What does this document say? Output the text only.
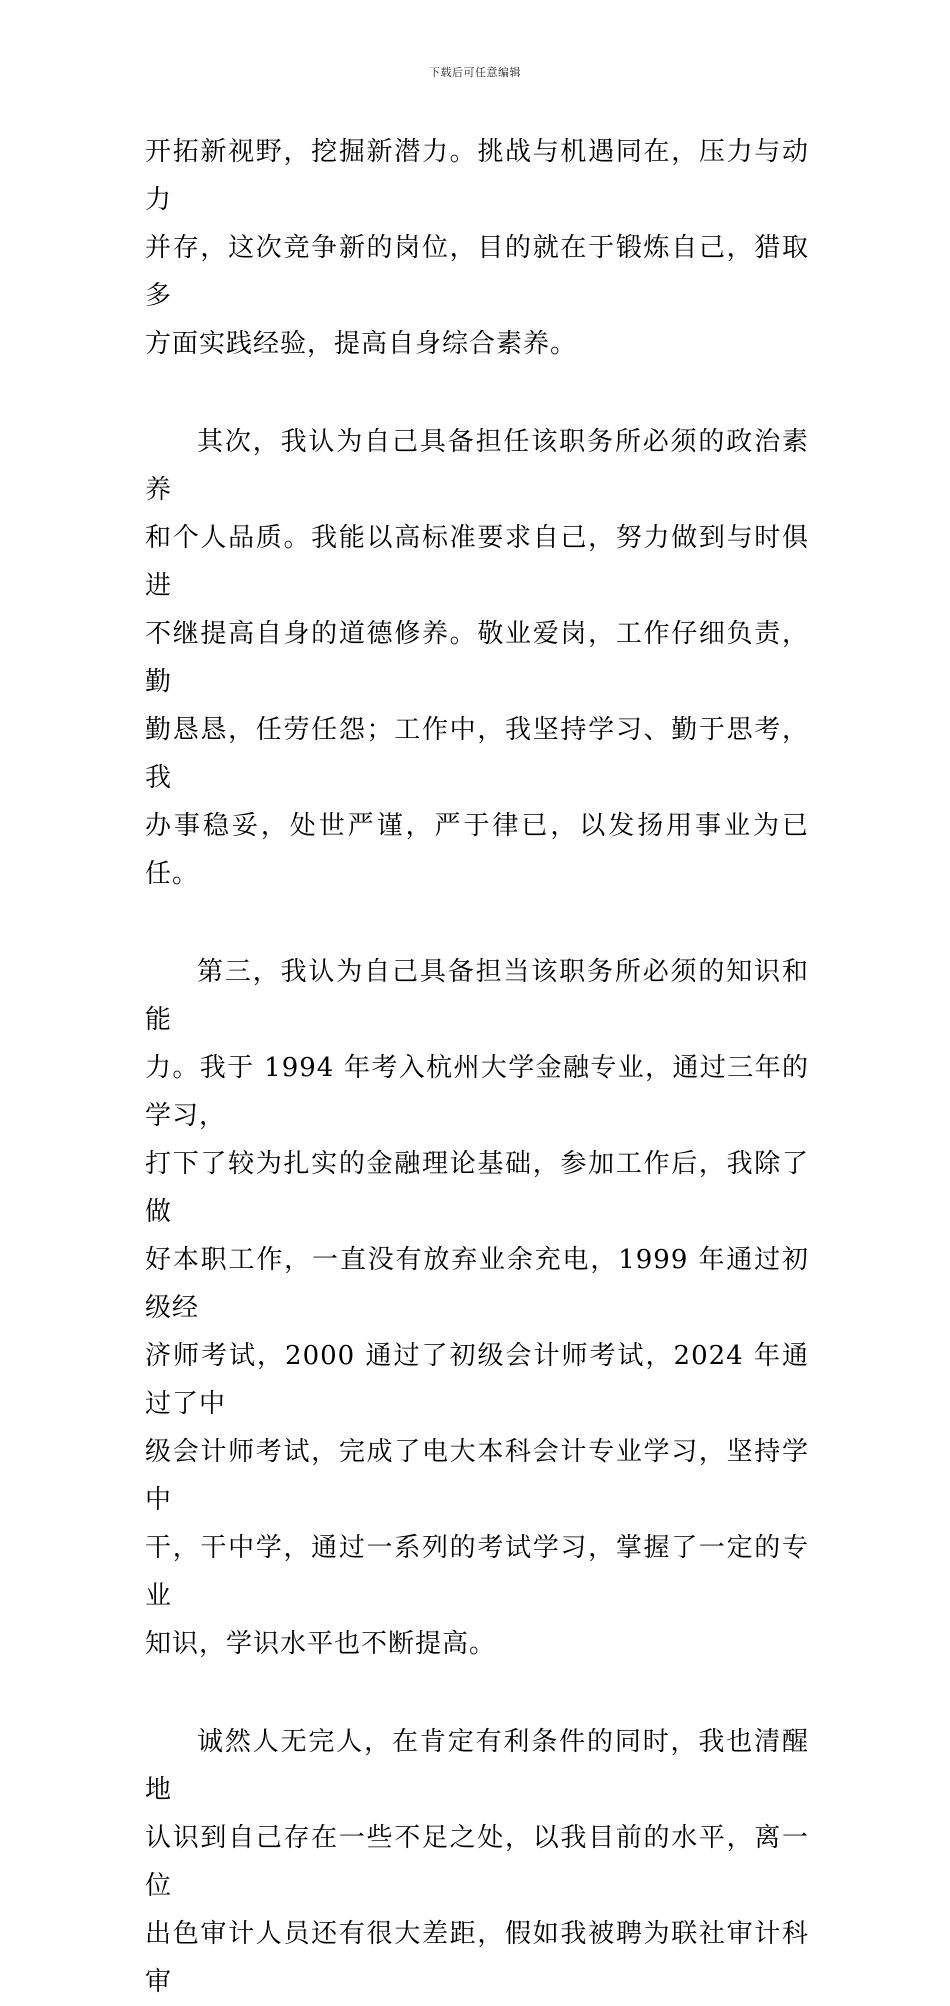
下载后可任意编辑

开拓新视野，挖掘新潜力。挑战与机遇同在，压力与动力
并存，这次竞争新的岗位，目的就在于锻炼自己，猎取多
方面实践经验，提高自身综合素养。

其次，我认为自己具备担任该职务所必须的政治素养
和个人品质。我能以高标准要求自己，努力做到与时俱进
不继提高自身的道德修养。敬业爱岗，工作仔细负责，勤
勤恳恳，任劳任怨；工作中，我坚持学习、勤于思考，我
办事稳妥，处世严谨，严于律已，以发扬用事业为已任。

第三，我认为自己具备担当该职务所必须的知识和能
力。我于 1994 年考入杭州大学金融专业，通过三年的学习，
打下了较为扎实的金融理论基础，参加工作后，我除了做
好本职工作，一直没有放弃业余充电，1999 年通过初级经
济师考试，2000 通过了初级会计师考试，2024 年通过了中
级会计师考试，完成了电大本科会计专业学习，坚持学中
干，干中学，通过一系列的考试学习，掌握了一定的专业
知识，学识水平也不断提高。

诚然人无完人，在肯定有利条件的同时，我也清醒地
认识到自己存在一些不足之处，以我目前的水平，离一位
出色审计人员还有很大差距，假如我被聘为联社审计科审
